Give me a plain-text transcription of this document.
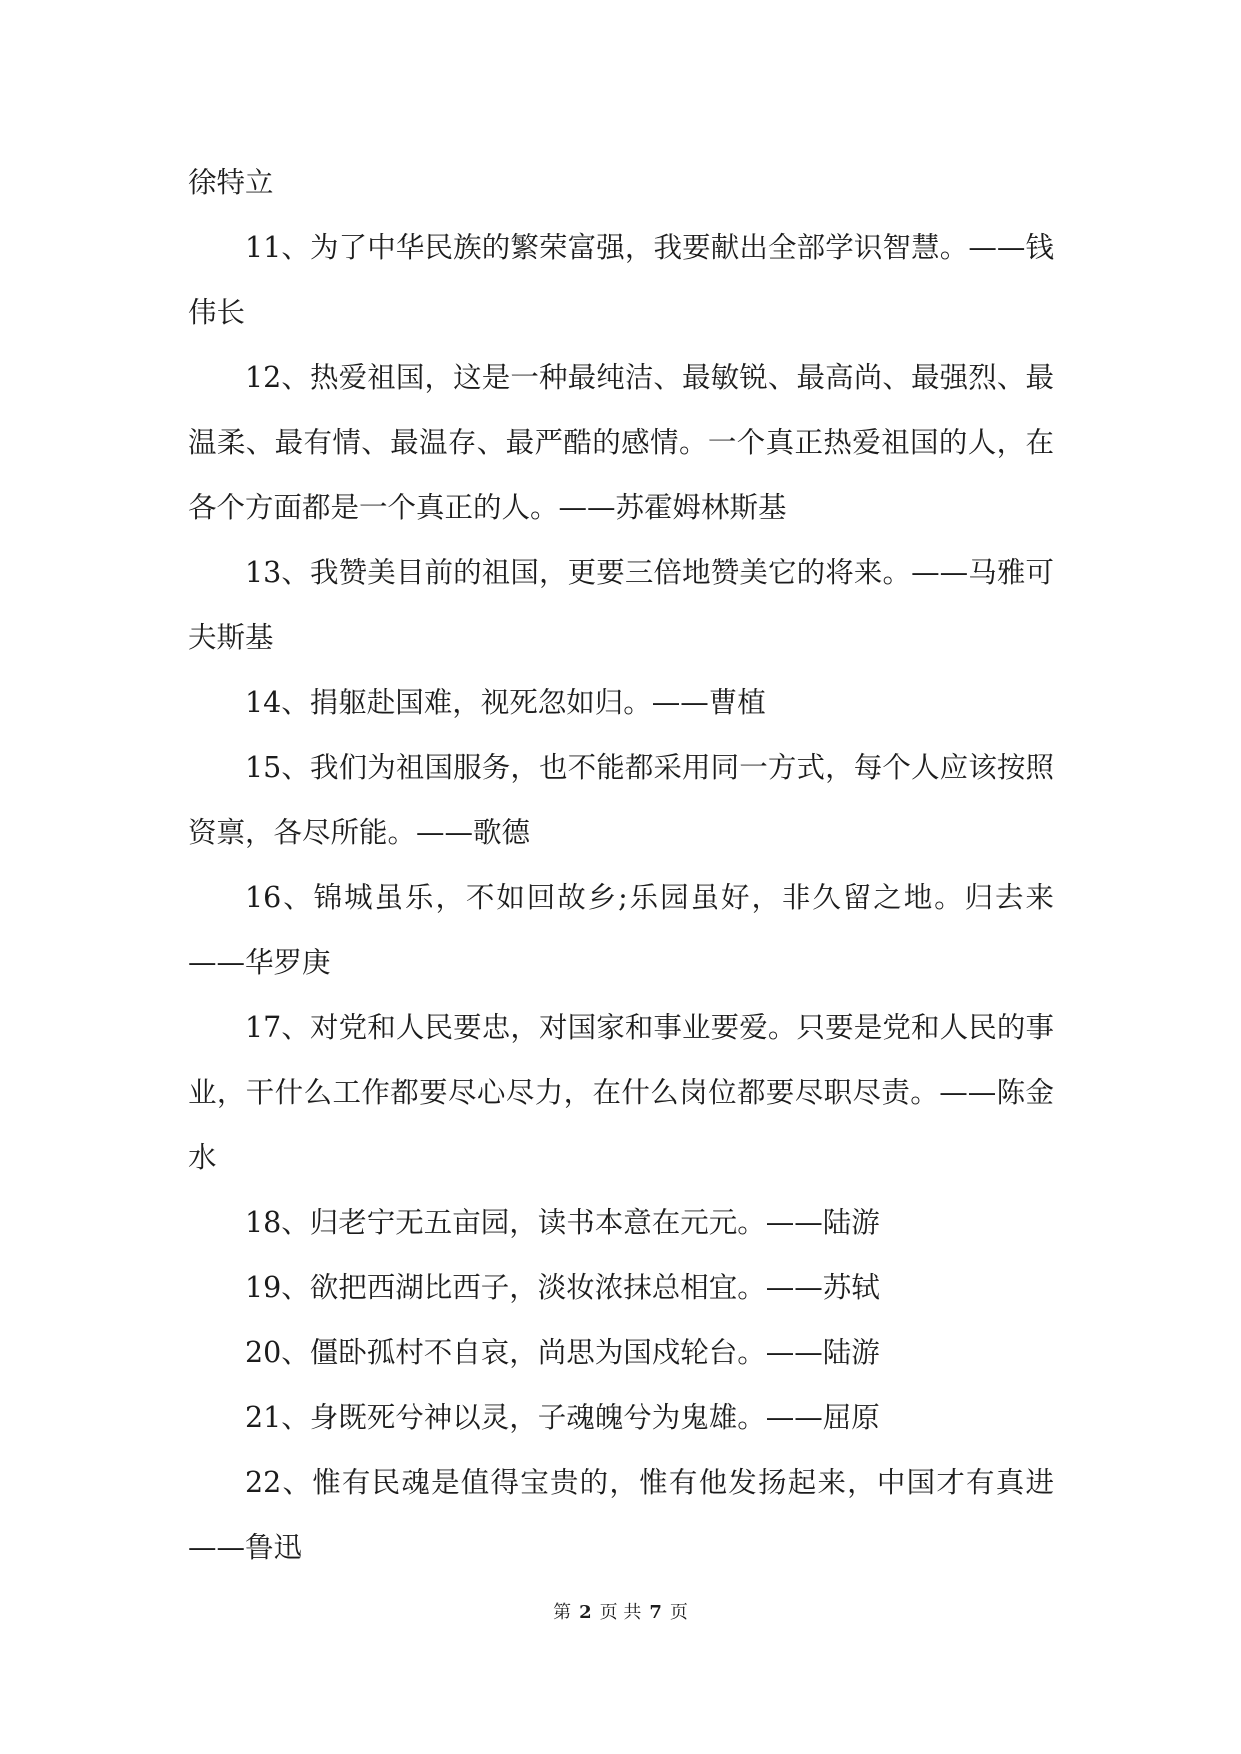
徐特立
11、为了中华民族的繁荣富强，我要献出全部学识智慧。——钱
伟长
12、热爱祖国，这是一种最纯洁、最敏锐、最高尚、最强烈、最
温柔、最有情、最温存、最严酷的感情。一个真正热爱祖国的人，在
各个方面都是一个真正的人。——苏霍姆林斯基
13、我赞美目前的祖国，更要三倍地赞美它的将来。——马雅可
夫斯基
14、捐躯赴国难，视死忽如归。——曹植
15、我们为祖国服务，也不能都采用同一方式，每个人应该按照
资禀，各尽所能。——歌德
16、锦城虽乐，不如回故乡;乐园虽好，非久留之地。归去来
——华罗庚
17、对党和人民要忠，对国家和事业要爱。只要是党和人民的事
业，干什么工作都要尽心尽力，在什么岗位都要尽职尽责。——陈金
水
18、归老宁无五亩园，读书本意在元元。——陆游
19、欲把西湖比西子，淡妆浓抹总相宜。——苏轼
20、僵卧孤村不自哀，尚思为国戍轮台。——陆游
21、身既死兮神以灵，子魂魄兮为鬼雄。——屈原
22、惟有民魂是值得宝贵的，惟有他发扬起来，中国才有真进
——鲁迅
第 2 页 共 7 页
